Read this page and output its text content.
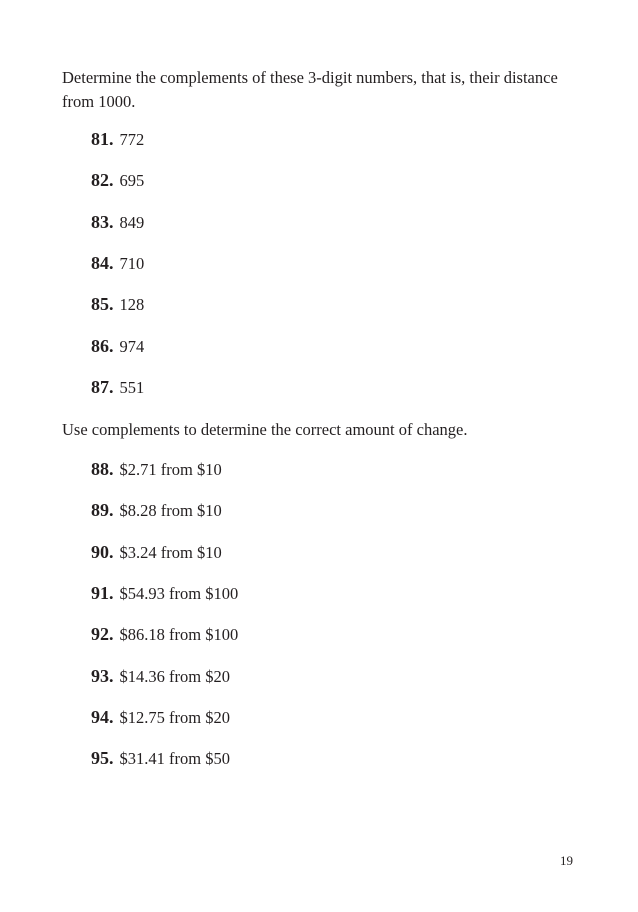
Determine the complements of these 3-digit numbers, that is, their distance from 1000.

81. 772
82. 695
83. 849
84. 710
85. 128
86. 974
87. 551

Use complements to determine the correct amount of change.

88. $2.71 from $10
89. $8.28 from $10
90. $3.24 from $10
91. $54.93 from $100
92. $86.18 from $100
93. $14.36 from $20
94. $12.75 from $20
95. $31.41 from $50
19
